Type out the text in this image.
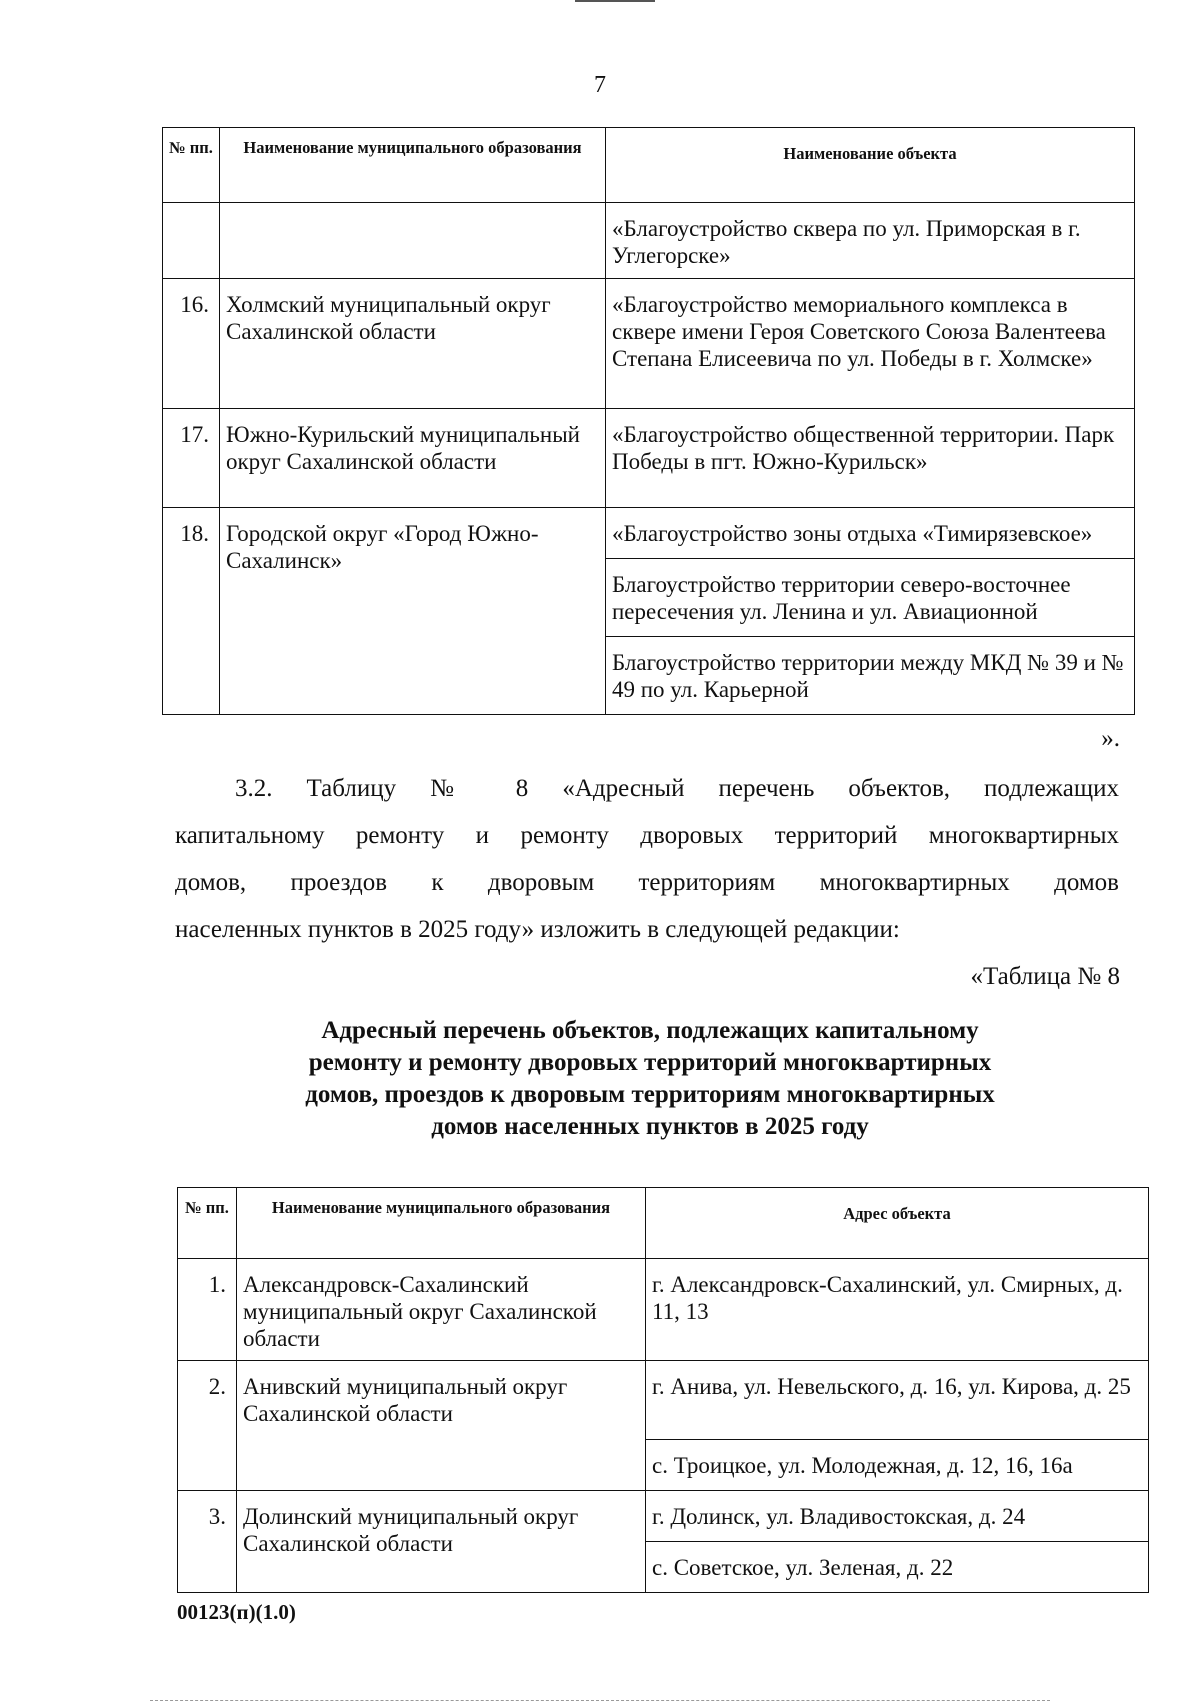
7
№ пп.	Наименование муниципального образования	Наименование объекта
		«Благоустройство сквера по ул. Приморская в г. Углегорске»
16.	Холмский муниципальный округ Сахалинской области	«Благоустройство мемориального комплекса в сквере имени Героя Советского Союза Валентеева Степана Елисеевича по ул. Победы в г. Холмске»
17.	Южно-Курильский муниципальный округ Сахалинской области	«Благоустройство общественной территории. Парк Победы в пгт. Южно-Курильск»
18.	Городской округ «Город Южно-Сахалинск»	«Благоустройство зоны отдыха «Тимирязевское»
		Благоустройство территории северо-восточнее пересечения ул. Ленина и ул. Авиационной
		Благоустройство территории между МКД № 39 и № 49 по ул. Карьерной
».
3.2. Таблицу № 8 «Адресный перечень объектов, подлежащих
капитальному ремонту и ремонту дворовых территорий многоквартирных
домов, проездов к дворовым территориям многоквартирных домов
населенных пунктов в 2025 году» изложить в следующей редакции:
«Таблица № 8
Адресный перечень объектов, подлежащих капитальному
ремонту и ремонту дворовых территорий многоквартирных
домов, проездов к дворовым территориям многоквартирных
домов населенных пунктов в 2025 году
№ пп.	Наименование муниципального образования	Адрес объекта
1.	Александровск-Сахалинский муниципальный округ Сахалинской области	г. Александровск-Сахалинский, ул. Смирных, д. 11, 13
2.	Анивский муниципальный округ Сахалинской области	г. Анива, ул. Невельского, д. 16, ул. Кирова, д. 25
		с. Троицкое, ул. Молодежная, д. 12, 16, 16а
3.	Долинский муниципальный округ Сахалинской области	г. Долинск, ул. Владивостокская, д. 24
		с. Советское, ул. Зеленая, д. 22
00123(п)(1.0)
